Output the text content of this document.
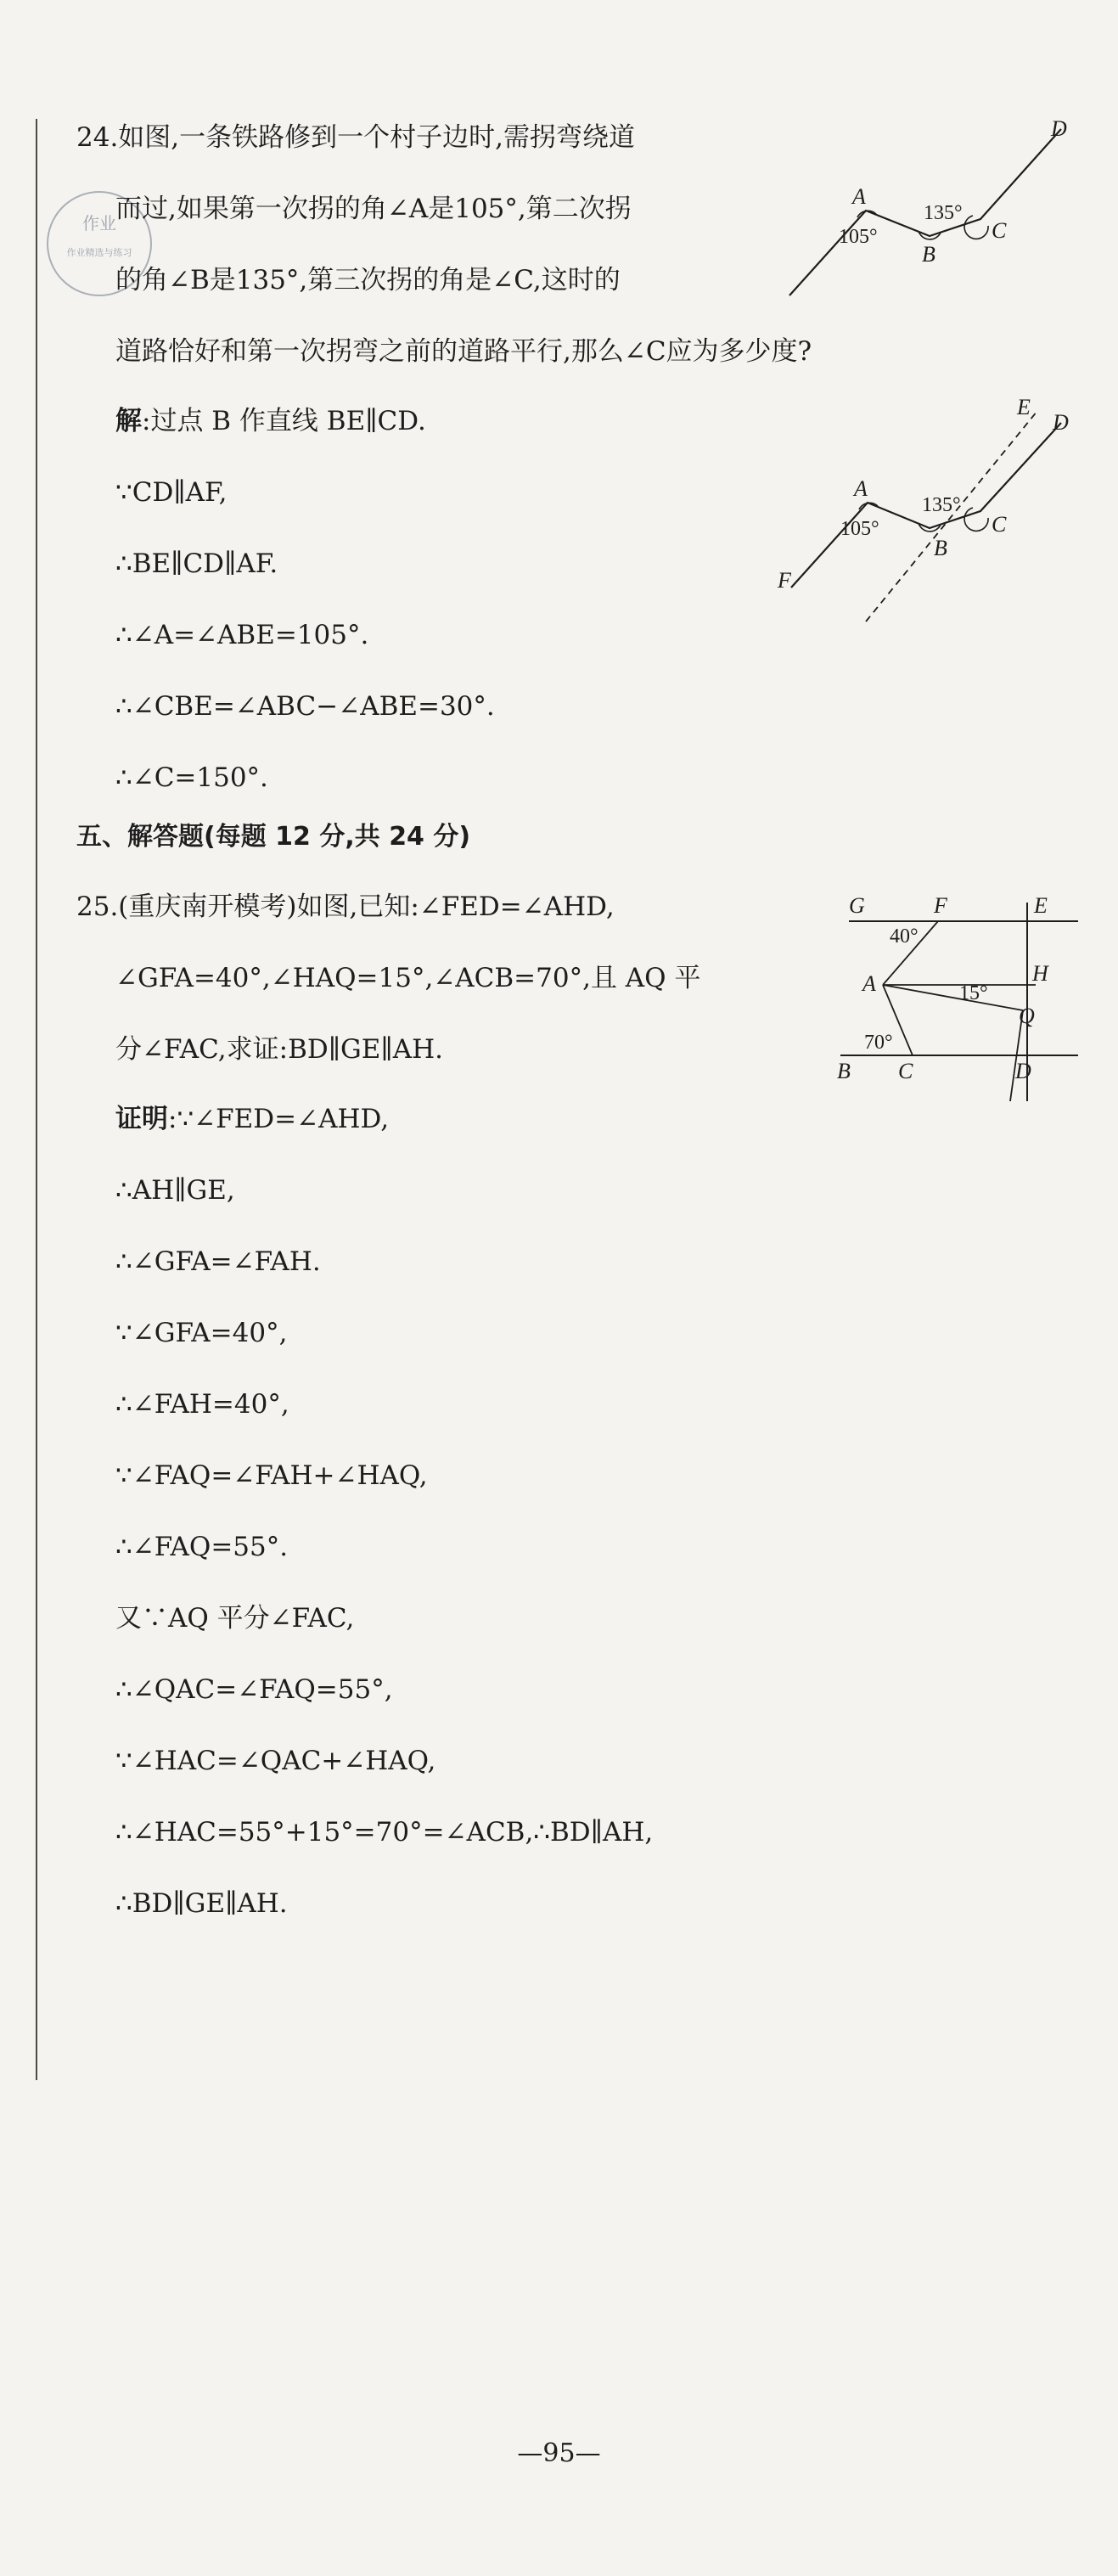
作业
作业精选与练习
24.如图,一条铁路修到一个村子边时,需拐弯绕道
而过,如果第一次拐的角∠A是105°,第二次拐
的角∠B是135°,第三次拐的角是∠C,这时的
道路恰好和第一次拐弯之前的道路平行,那么∠C应为多少度?
解:过点 B 作直线 BE∥CD.
∵CD∥AF,
∴BE∥CD∥AF.
∴∠A=∠ABE=105°.
∴∠CBE=∠ABC−∠ABE=30°.
∴∠C=150°.
A
B
C
D
105°
135°
A
B
C
D
E
F
105°
135°
五、解答题(每题 12 分,共 24 分)
25.(重庆南开模考)如图,已知:∠FED=∠AHD,
∠GFA=40°,∠HAQ=15°,∠ACB=70°,且 AQ 平
分∠FAC,求证:BD∥GE∥AH.
证明:∵∠FED=∠AHD,
∴AH∥GE,
∴∠GFA=∠FAH.
∵∠GFA=40°,
∴∠FAH=40°,
∵∠FAQ=∠FAH+∠HAQ,
∴∠FAQ=55°.
又∵AQ 平分∠FAC,
∴∠QAC=∠FAQ=55°,
∵∠HAC=∠QAC+∠HAQ,
∴∠HAC=55°+15°=70°=∠ACB,∴BD∥AH,
∴BD∥GE∥AH.
G	F	E
A	H
Q
B C	D
40°
15°
70°
—95—
